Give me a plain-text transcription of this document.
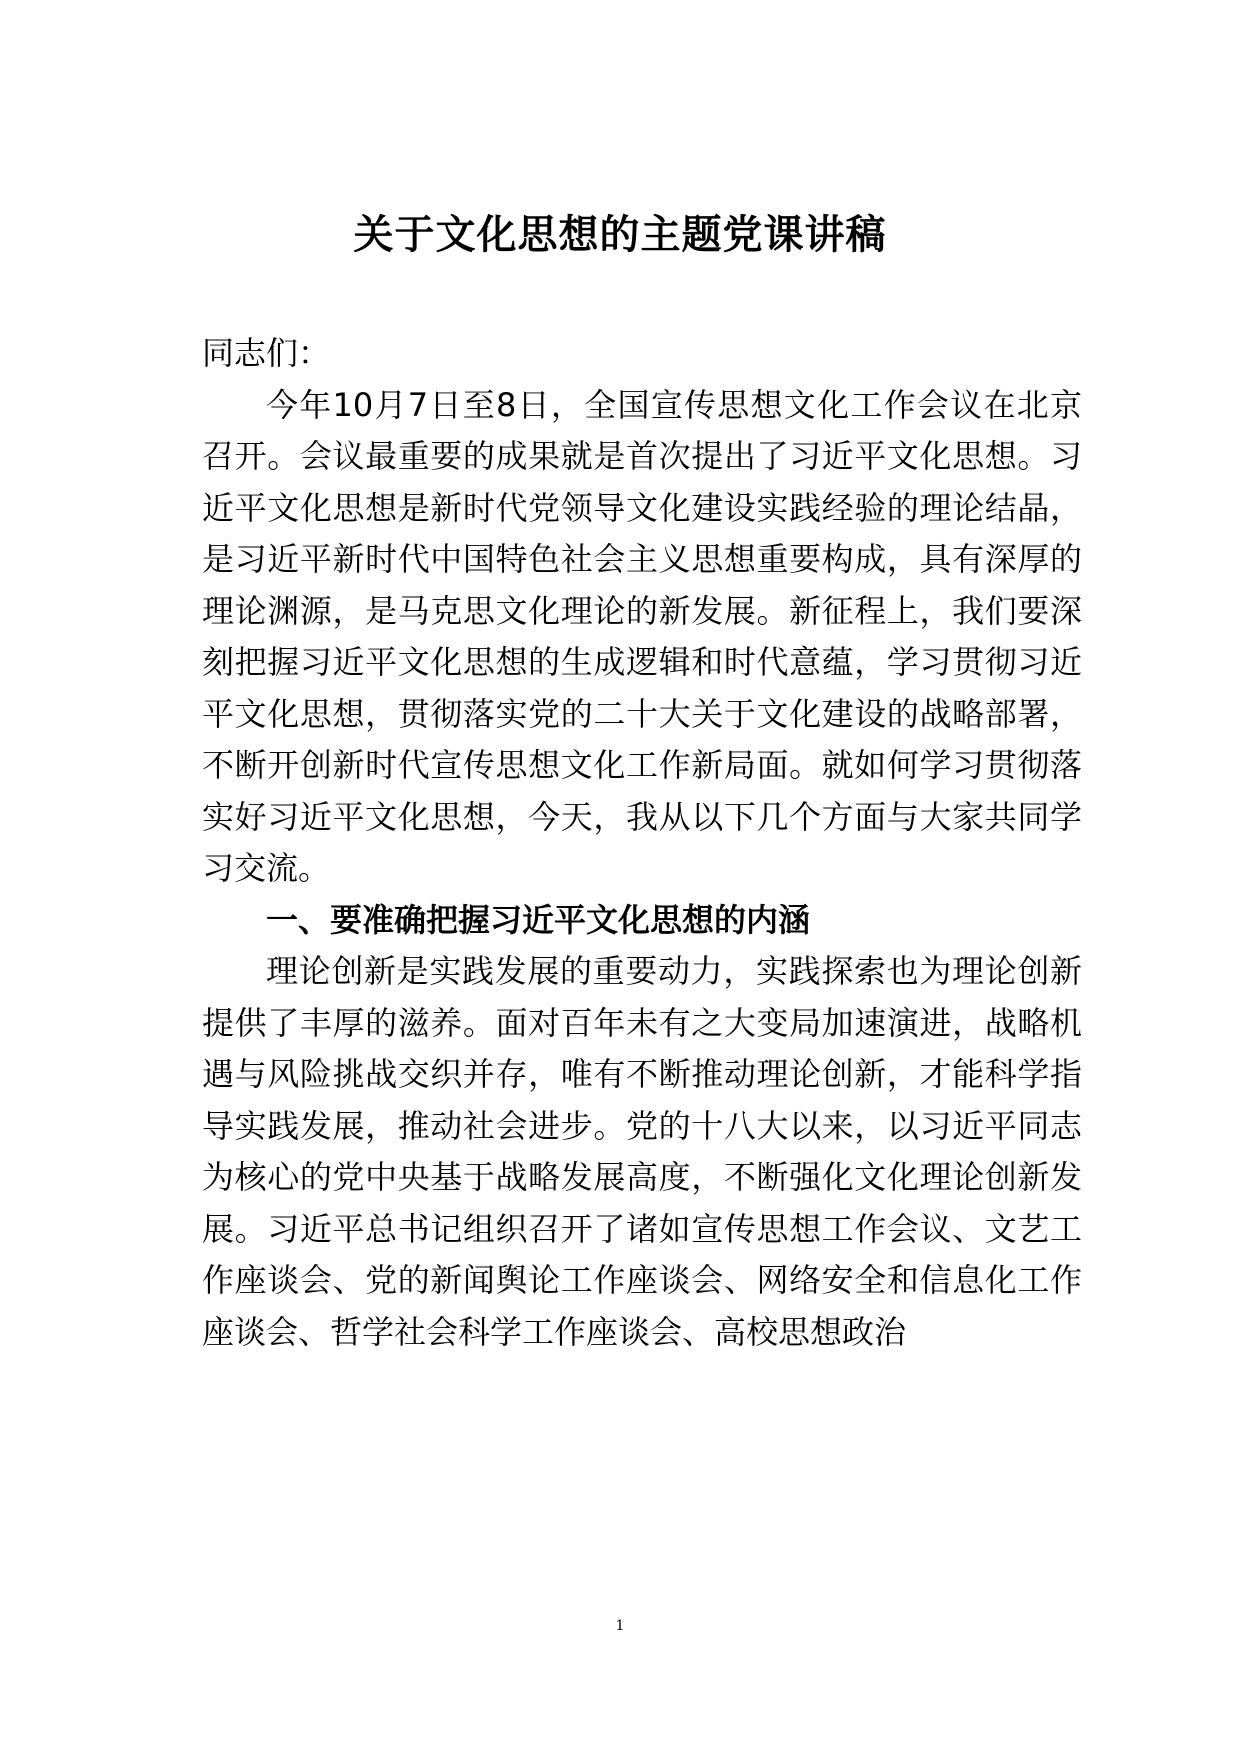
关于文化思想的主题党课讲稿

同志们：

今年10月7日至8日，全国宣传思想文化工作会议在北京召开。会议最重要的成果就是首次提出了习近平文化思想。习近平文化思想是新时代党领导文化建设实践经验的理论结晶，是习近平新时代中国特色社会主义思想重要构成，具有深厚的理论渊源，是马克思文化理论的新发展。新征程上，我们要深刻把握习近平文化思想的生成逻辑和时代意蕴，学习贯彻习近平文化思想，贯彻落实党的二十大关于文化建设的战略部署，不断开创新时代宣传思想文化工作新局面。就如何学习贯彻落实好习近平文化思想，今天，我从以下几个方面与大家共同学习交流。

一、要准确把握习近平文化思想的内涵

理论创新是实践发展的重要动力，实践探索也为理论创新提供了丰厚的滋养。面对百年未有之大变局加速演进，战略机遇与风险挑战交织并存，唯有不断推动理论创新，才能科学指导实践发展，推动社会进步。党的十八大以来，以习近平同志为核心的党中央基于战略发展高度，不断强化文化理论创新发展。习近平总书记组织召开了诸如宣传思想工作会议、文艺工作座谈会、党的新闻舆论工作座谈会、网络安全和信息化工作座谈会、哲学社会科学工作座谈会、高校思想政治

1
